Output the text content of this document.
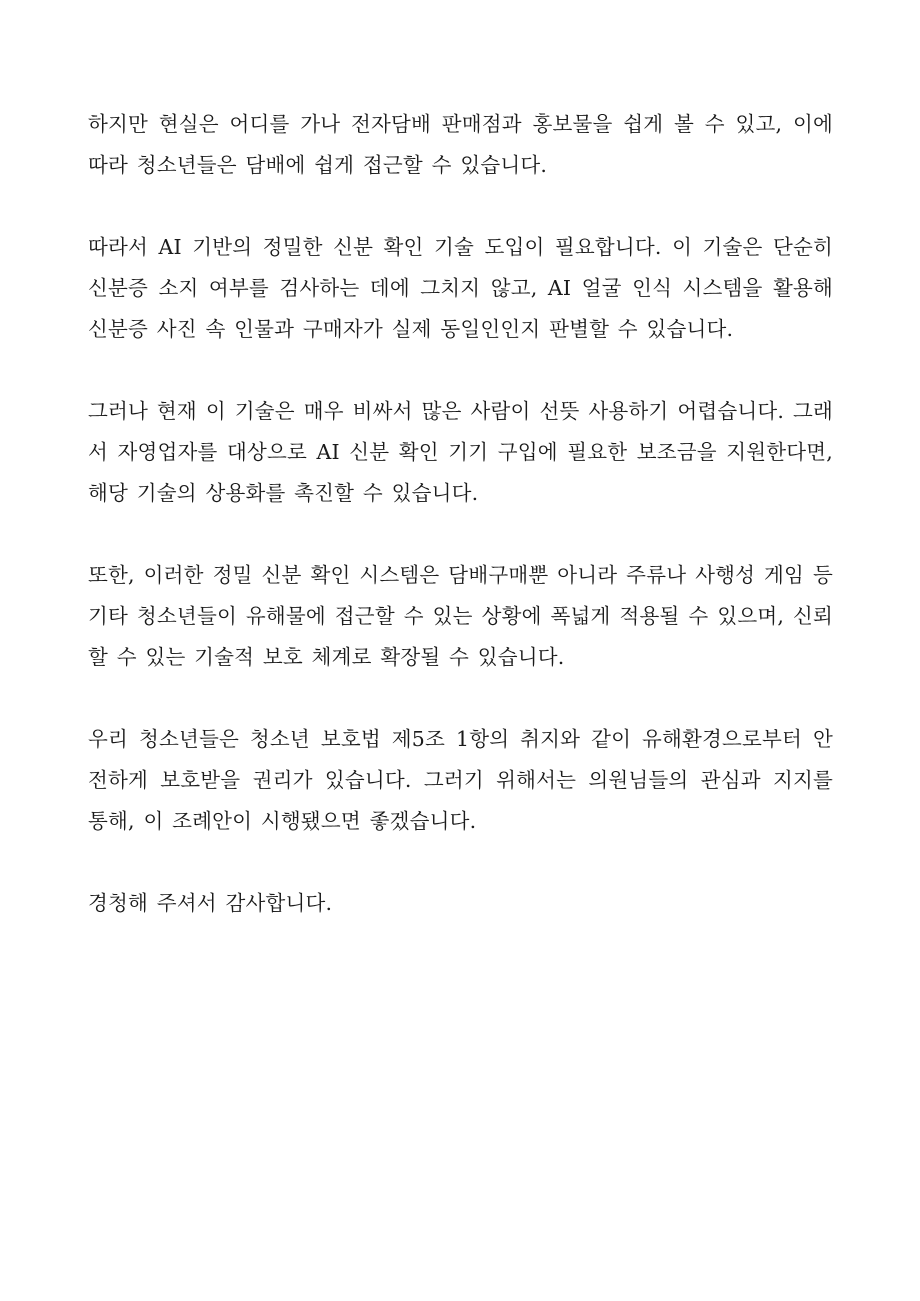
하지만 현실은 어디를 가나 전자담배 판매점과 홍보물을 쉽게 볼 수 있고, 이에 따라 청소년들은 담배에 쉽게 접근할 수 있습니다.

따라서 AI 기반의 정밀한 신분 확인 기술 도입이 필요합니다. 이 기술은 단순히 신분증 소지 여부를 검사하는 데에 그치지 않고, AI 얼굴 인식 시스템을 활용해 신분증 사진 속 인물과 구매자가 실제 동일인인지 판별할 수 있습니다.

그러나 현재 이 기술은 매우 비싸서 많은 사람이 선뜻 사용하기 어렵습니다. 그래서 자영업자를 대상으로 AI 신분 확인 기기 구입에 필요한 보조금을 지원한다면, 해당 기술의 상용화를 촉진할 수 있습니다.

또한, 이러한 정밀 신분 확인 시스템은 담배구매뿐 아니라 주류나 사행성 게임 등 기타 청소년들이 유해물에 접근할 수 있는 상황에 폭넓게 적용될 수 있으며, 신뢰할 수 있는 기술적 보호 체계로 확장될 수 있습니다.

우리 청소년들은 청소년 보호법 제5조 1항의 취지와 같이 유해환경으로부터 안전하게 보호받을 권리가 있습니다. 그러기 위해서는 의원님들의 관심과 지지를 통해, 이 조례안이 시행됐으면 좋겠습니다.

경청해 주셔서 감사합니다.
